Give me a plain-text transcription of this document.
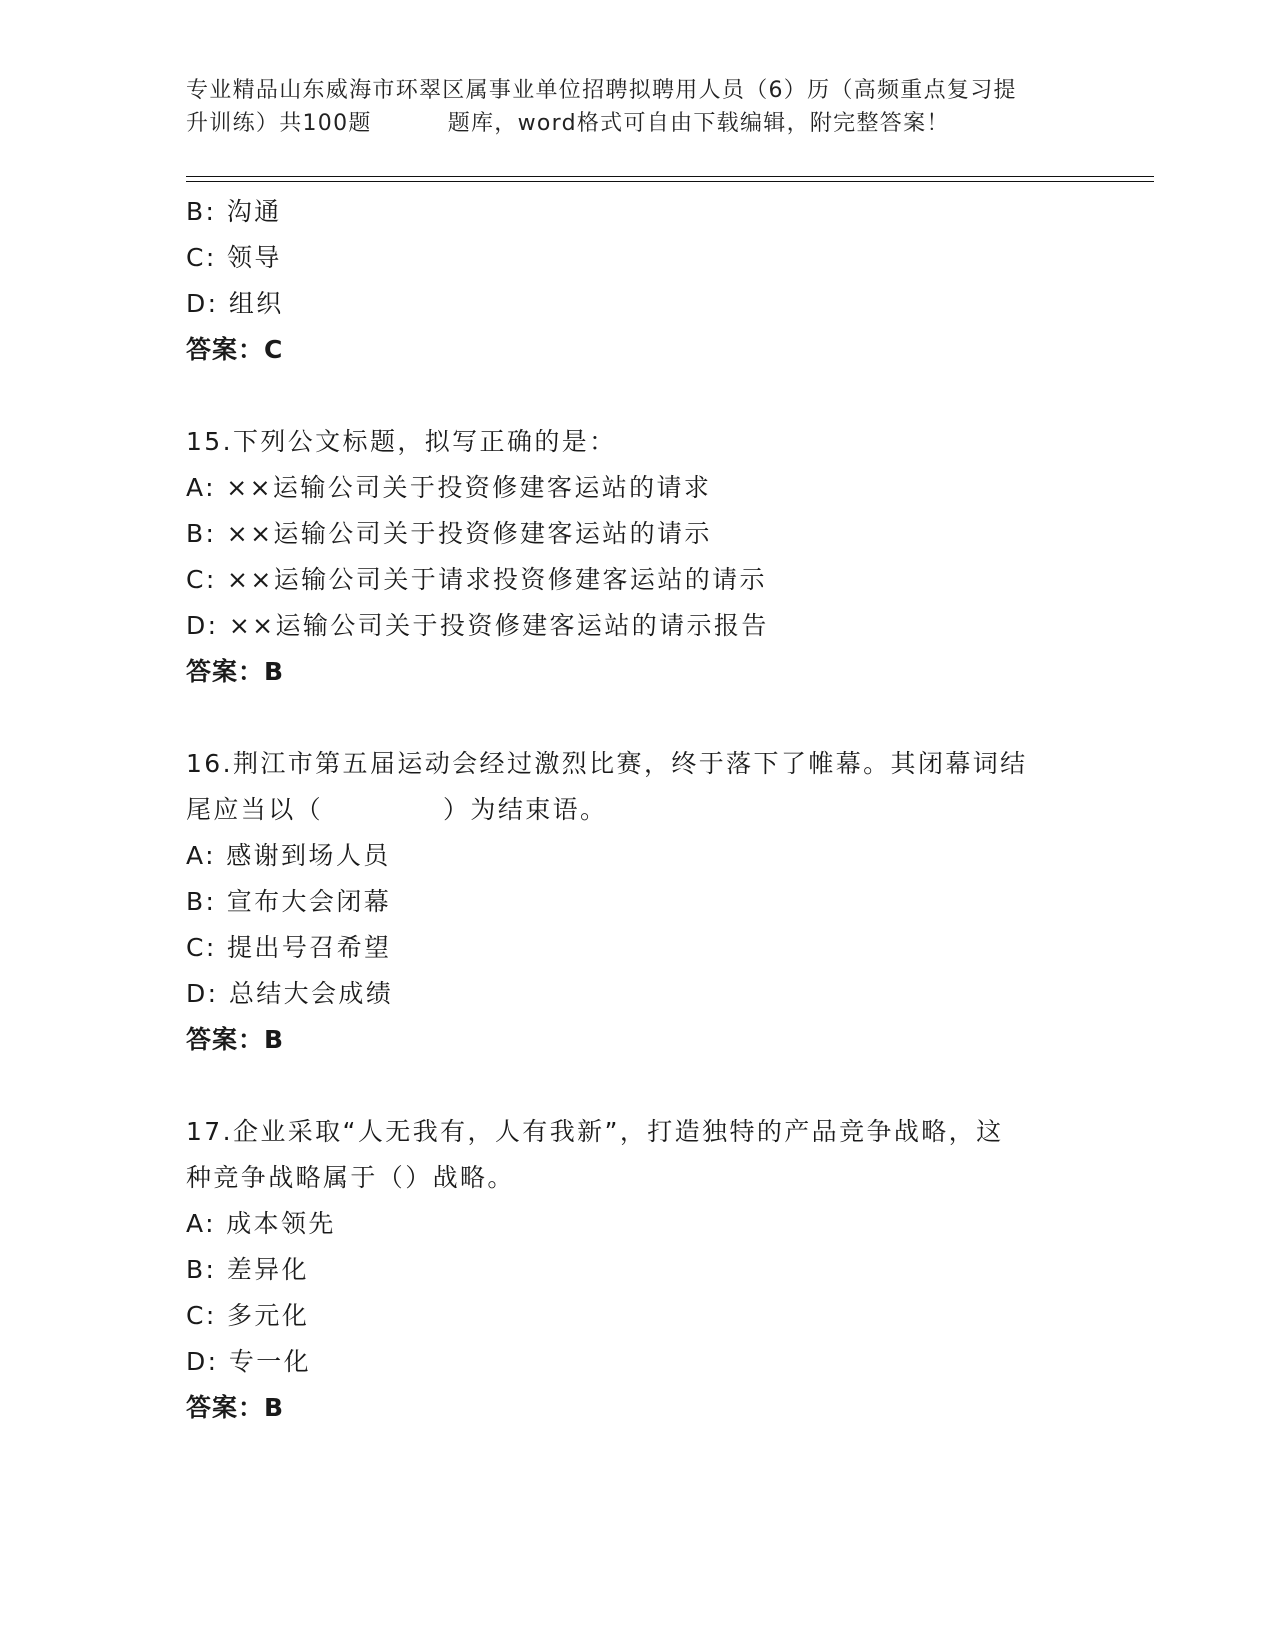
专业精品山东威海市环翠区属事业单位招聘拟聘用人员（6）历（高频重点复习提
升训练）共100题	题库，word格式可自由下载编辑，附完整答案！
B: 沟通
C: 领导
D: 组织
答案：C
15.下列公文标题，拟写正确的是：
A: ××运输公司关于投资修建客运站的请求
B: ××运输公司关于投资修建客运站的请示
C: ××运输公司关于请求投资修建客运站的请示
D: ××运输公司关于投资修建客运站的请示报告
答案：B
16.荆江市第五届运动会经过激烈比赛，终于落下了帷幕。其闭幕词结
尾应当以（	）为结束语。
A: 感谢到场人员
B: 宣布大会闭幕
C: 提出号召希望
D: 总结大会成绩
答案：B
17.企业采取“人无我有，人有我新”，打造独特的产品竞争战略，这
种竞争战略属于（）战略。
A: 成本领先
B: 差异化
C: 多元化
D: 专一化
答案：B
